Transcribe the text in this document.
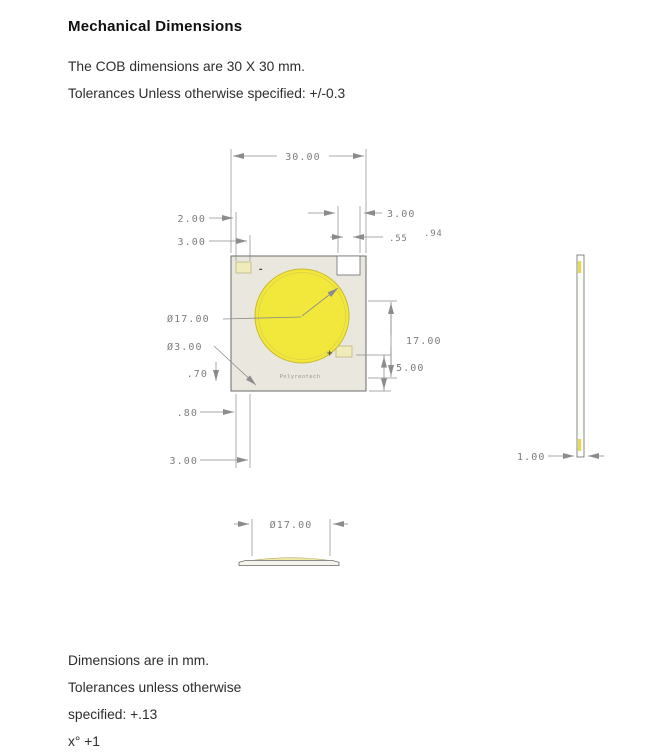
Mechanical Dimensions

The COB dimensions are 30 X 30 mm.

Tolerances Unless otherwise specified: +/-0.3

-
+
Polyreotech
30.00
2.00
3.00
3.00
.55 .94
Ø17.00
Ø3.00
.70
17.00
5.00
.80
3.00	1.00
Ø17.00

Dimensions are in mm.

Tolerances unless otherwise

specified: +.13

x° +1
